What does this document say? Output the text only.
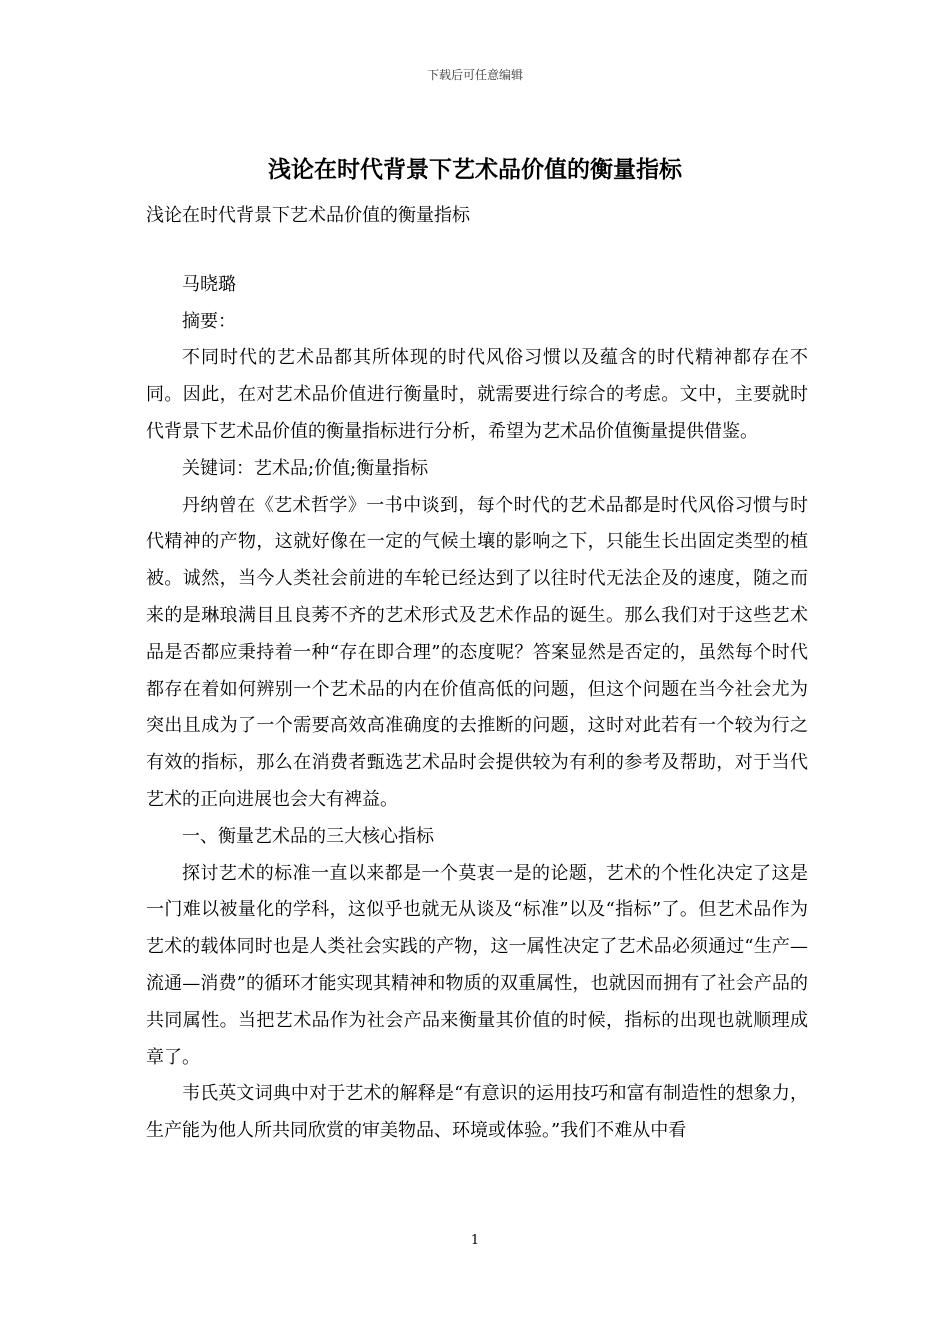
下载后可任意编辑
浅论在时代背景下艺术品价值的衡量指标

浅论在时代背景下艺术品价值的衡量指标

马晓璐

摘要：

不同时代的艺术品都其所体现的时代风俗习惯以及蕴含的时代精神都存在不同。因此，在对艺术品价值进行衡量时，就需要进行综合的考虑。文中，主要就时代背景下艺术品价值的衡量指标进行分析，希望为艺术品价值衡量提供借鉴。

关键词：艺术品;价值;衡量指标

丹纳曾在《艺术哲学》一书中谈到，每个时代的艺术品都是时代风俗习惯与时代精神的产物，这就好像在一定的气候土壤的影响之下，只能生长出固定类型的植被。诚然，当今人类社会前进的车轮已经达到了以往时代无法企及的速度，随之而来的是琳琅满目且良莠不齐的艺术形式及艺术作品的诞生。那么我们对于这些艺术品是否都应秉持着一种“存在即合理”的态度呢？答案显然是否定的，虽然每个时代都存在着如何辨别一个艺术品的内在价值高低的问题，但这个问题在当今社会尤为突出且成为了一个需要高效高准确度的去推断的问题，这时对此若有一个较为行之有效的指标，那么在消费者甄选艺术品时会提供较为有利的参考及帮助，对于当代艺术的正向进展也会大有裨益。

一、衡量艺术品的三大核心指标

探讨艺术的标准一直以来都是一个莫衷一是的论题，艺术的个性化决定了这是一门难以被量化的学科，这似乎也就无从谈及“标准”以及“指标”了。但艺术品作为艺术的载体同时也是人类社会实践的产物，这一属性决定了艺术品必须通过“生产—流通—消费”的循环才能实现其精神和物质的双重属性，也就因而拥有了社会产品的共同属性。当把艺术品作为社会产品来衡量其价值的时候，指标的出现也就顺理成章了。

韦氏英文词典中对于艺术的解释是“有意识的运用技巧和富有制造性的想象力，生产能为他人所共同欣赏的审美物品、环境或体验。”我们不难从中看

1
